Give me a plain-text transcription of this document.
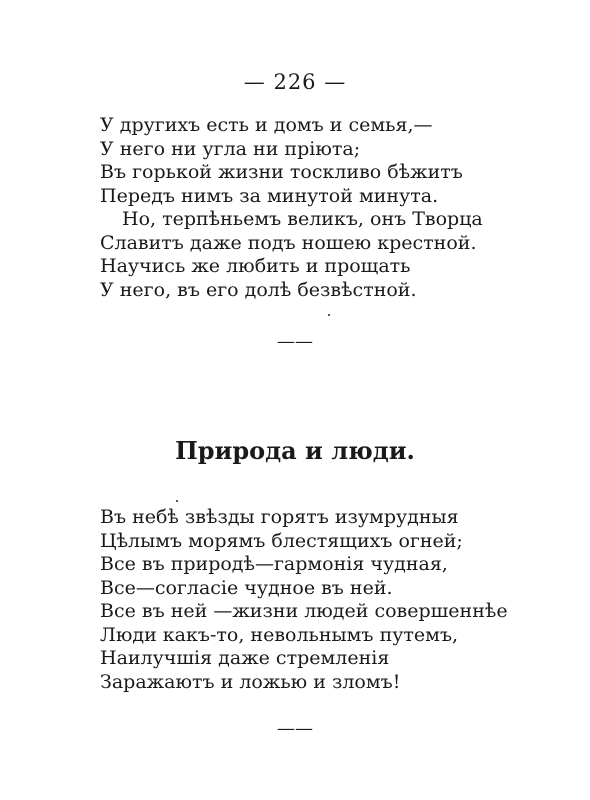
— 226 —
У другихъ есть и домъ и семья,—
У него ни угла ни прiюта;
Въ горькой жизни тоскливо бѣжитъ
Передъ нимъ за минутой минута.
Но, терпѣньемъ великъ, онъ Творца
Славитъ даже подъ ношею крестной.
Научись же любить и прощать
У него, въ его долѣ безвѣстной.
——
Природа и люди.
Въ небѣ звѣзды горятъ изумрудныя
Цѣлымъ морямъ блестящихъ огней;
Все въ природѣ—гармонiя чудная,
Все—согласiе чудное въ ней.
Все въ ней —жизни людей совершеннѣе
Люди какъ-то, невольнымъ путемъ,
Наилучшiя даже стремленiя
Заражаютъ и ложью и зломъ!
——
